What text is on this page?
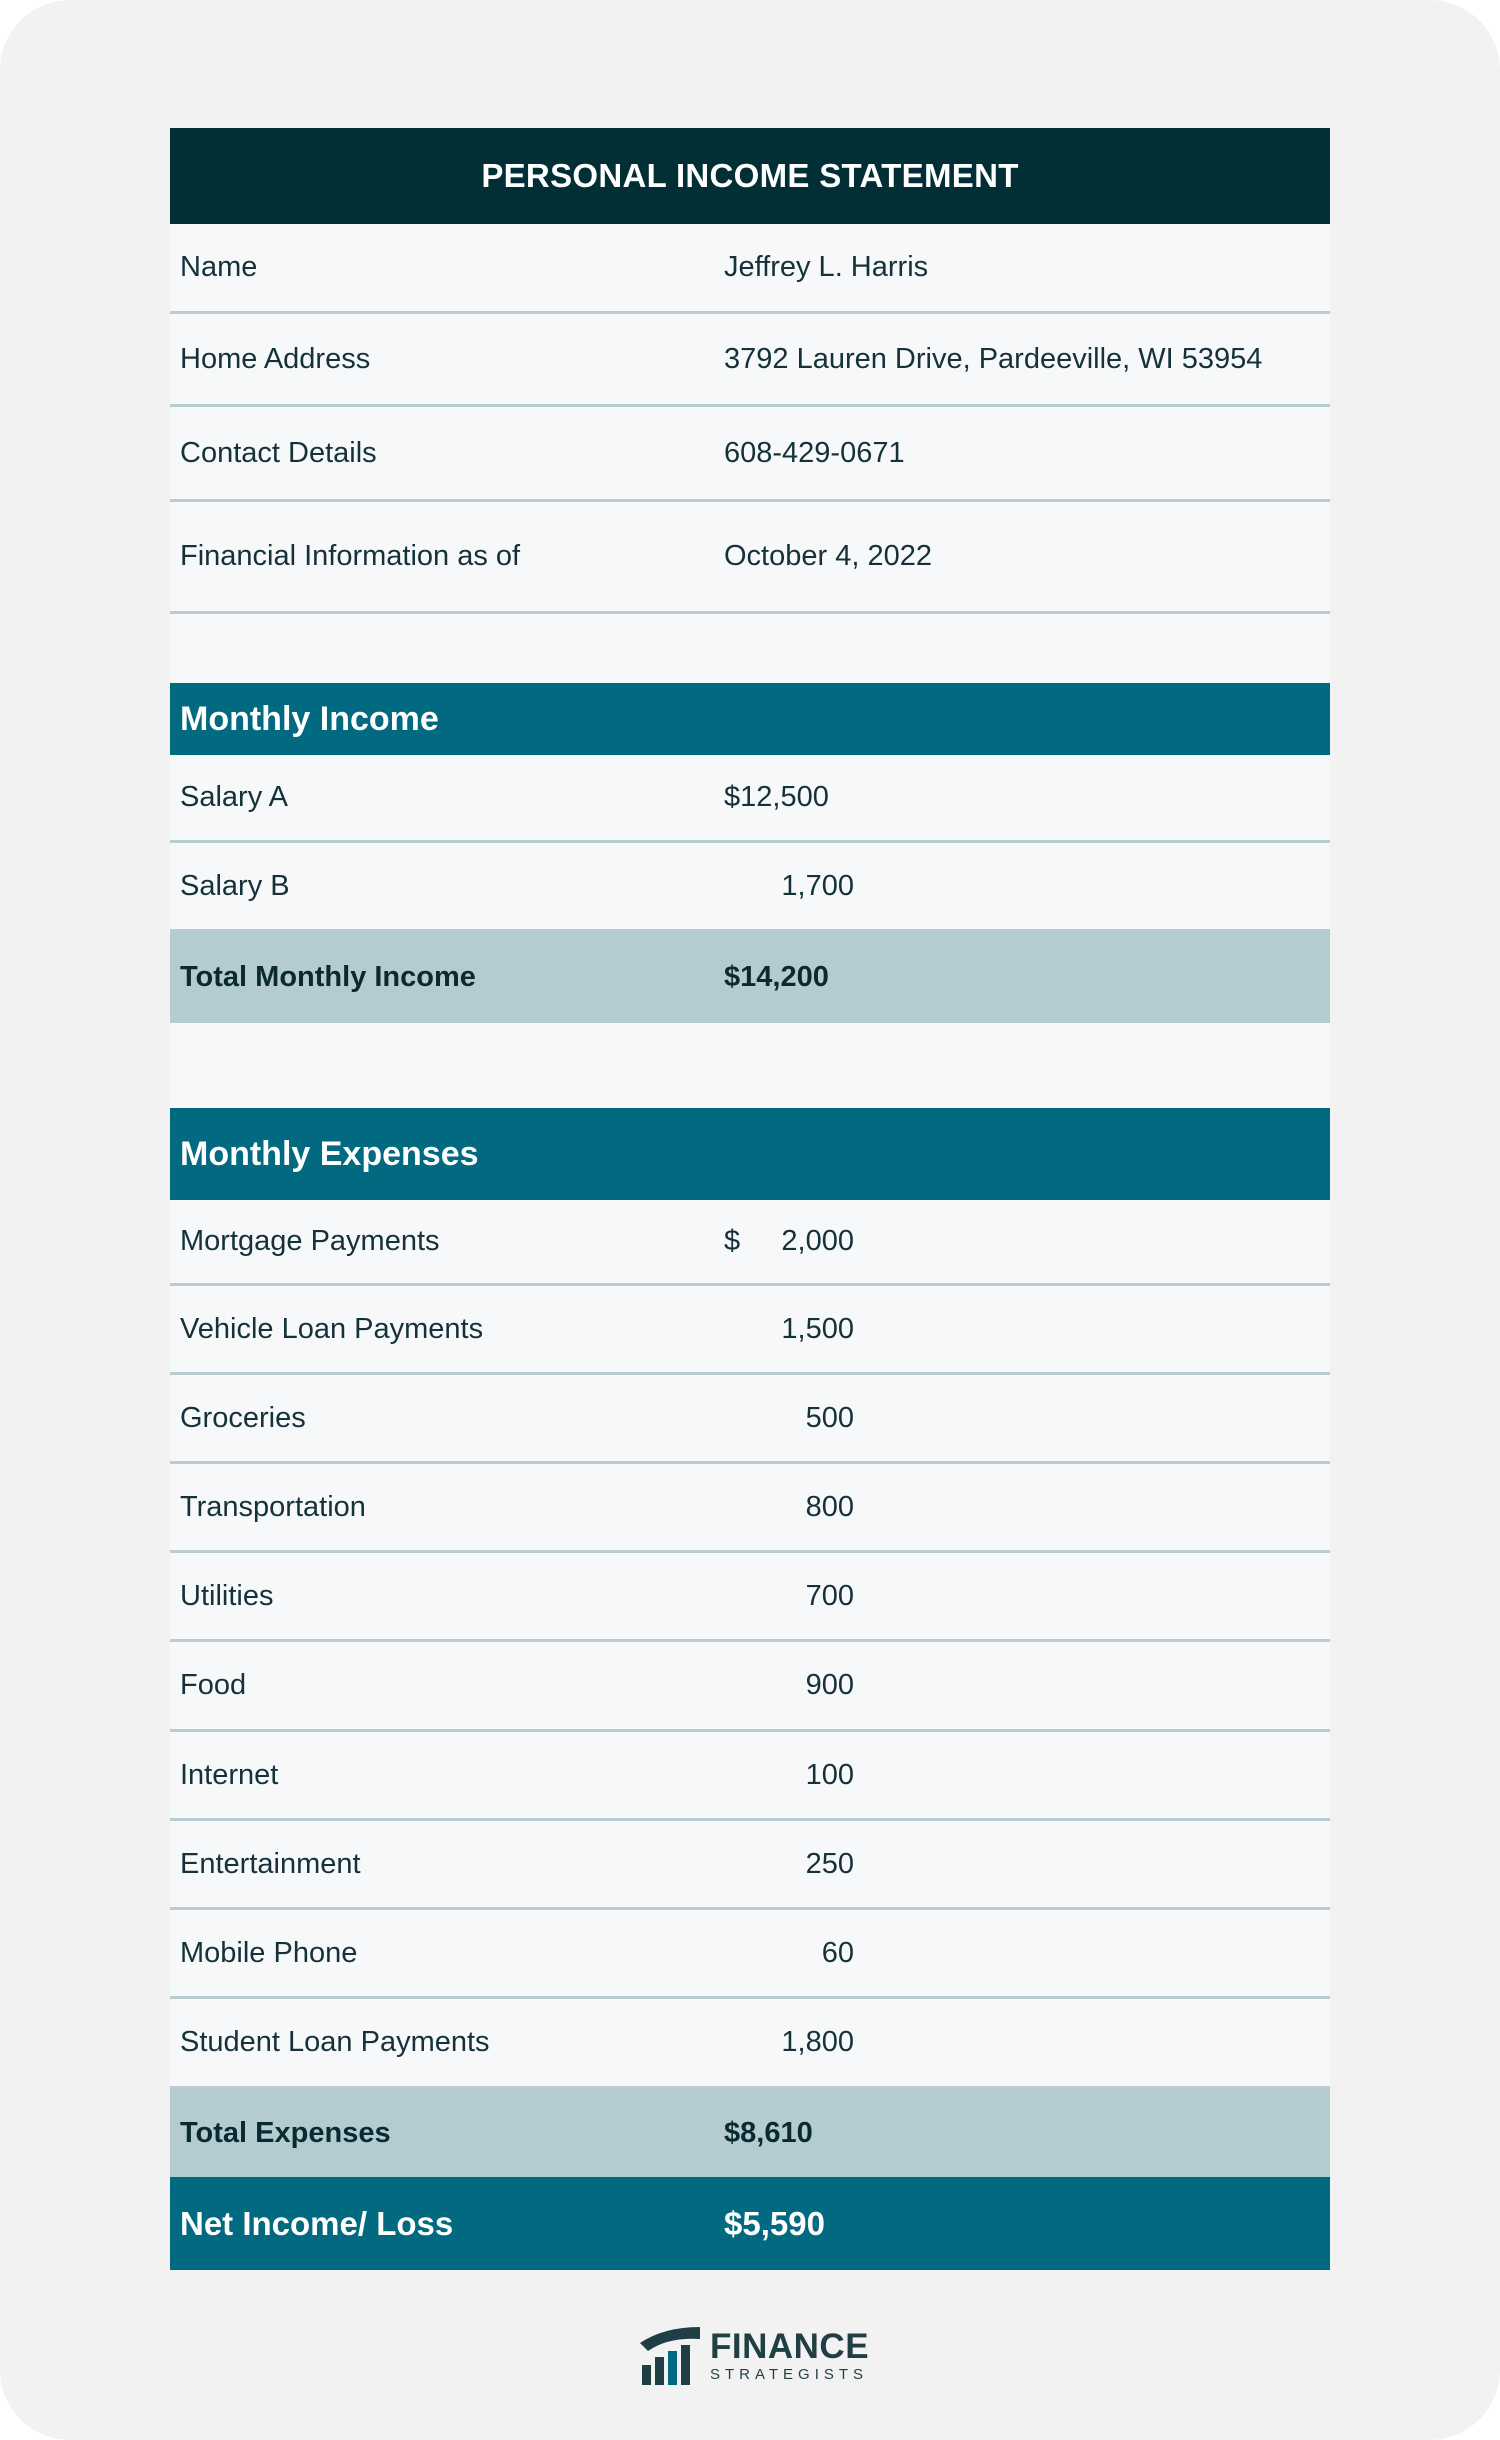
PERSONAL INCOME STATEMENT
Name	Jeffrey L. Harris
Home Address	3792 Lauren Drive, Pardeeville, WI 53954
Contact Details	608-429-0671
Financial Information as of	October 4, 2022
Monthly Income
Salary A	$12,500
Salary B	1,700
Total Monthly Income	$14,200
Monthly Expenses
Mortgage Payments	$	2,000
Vehicle Loan Payments	1,500
Groceries	500
Transportation	800
Utilities	700
Food	900
Internet	100
Entertainment	250
Mobile Phone	60
Student Loan Payments	1,800
Total Expenses	$8,610
Net Income/ Loss	$5,590
FINANCE
STRATEGISTS
